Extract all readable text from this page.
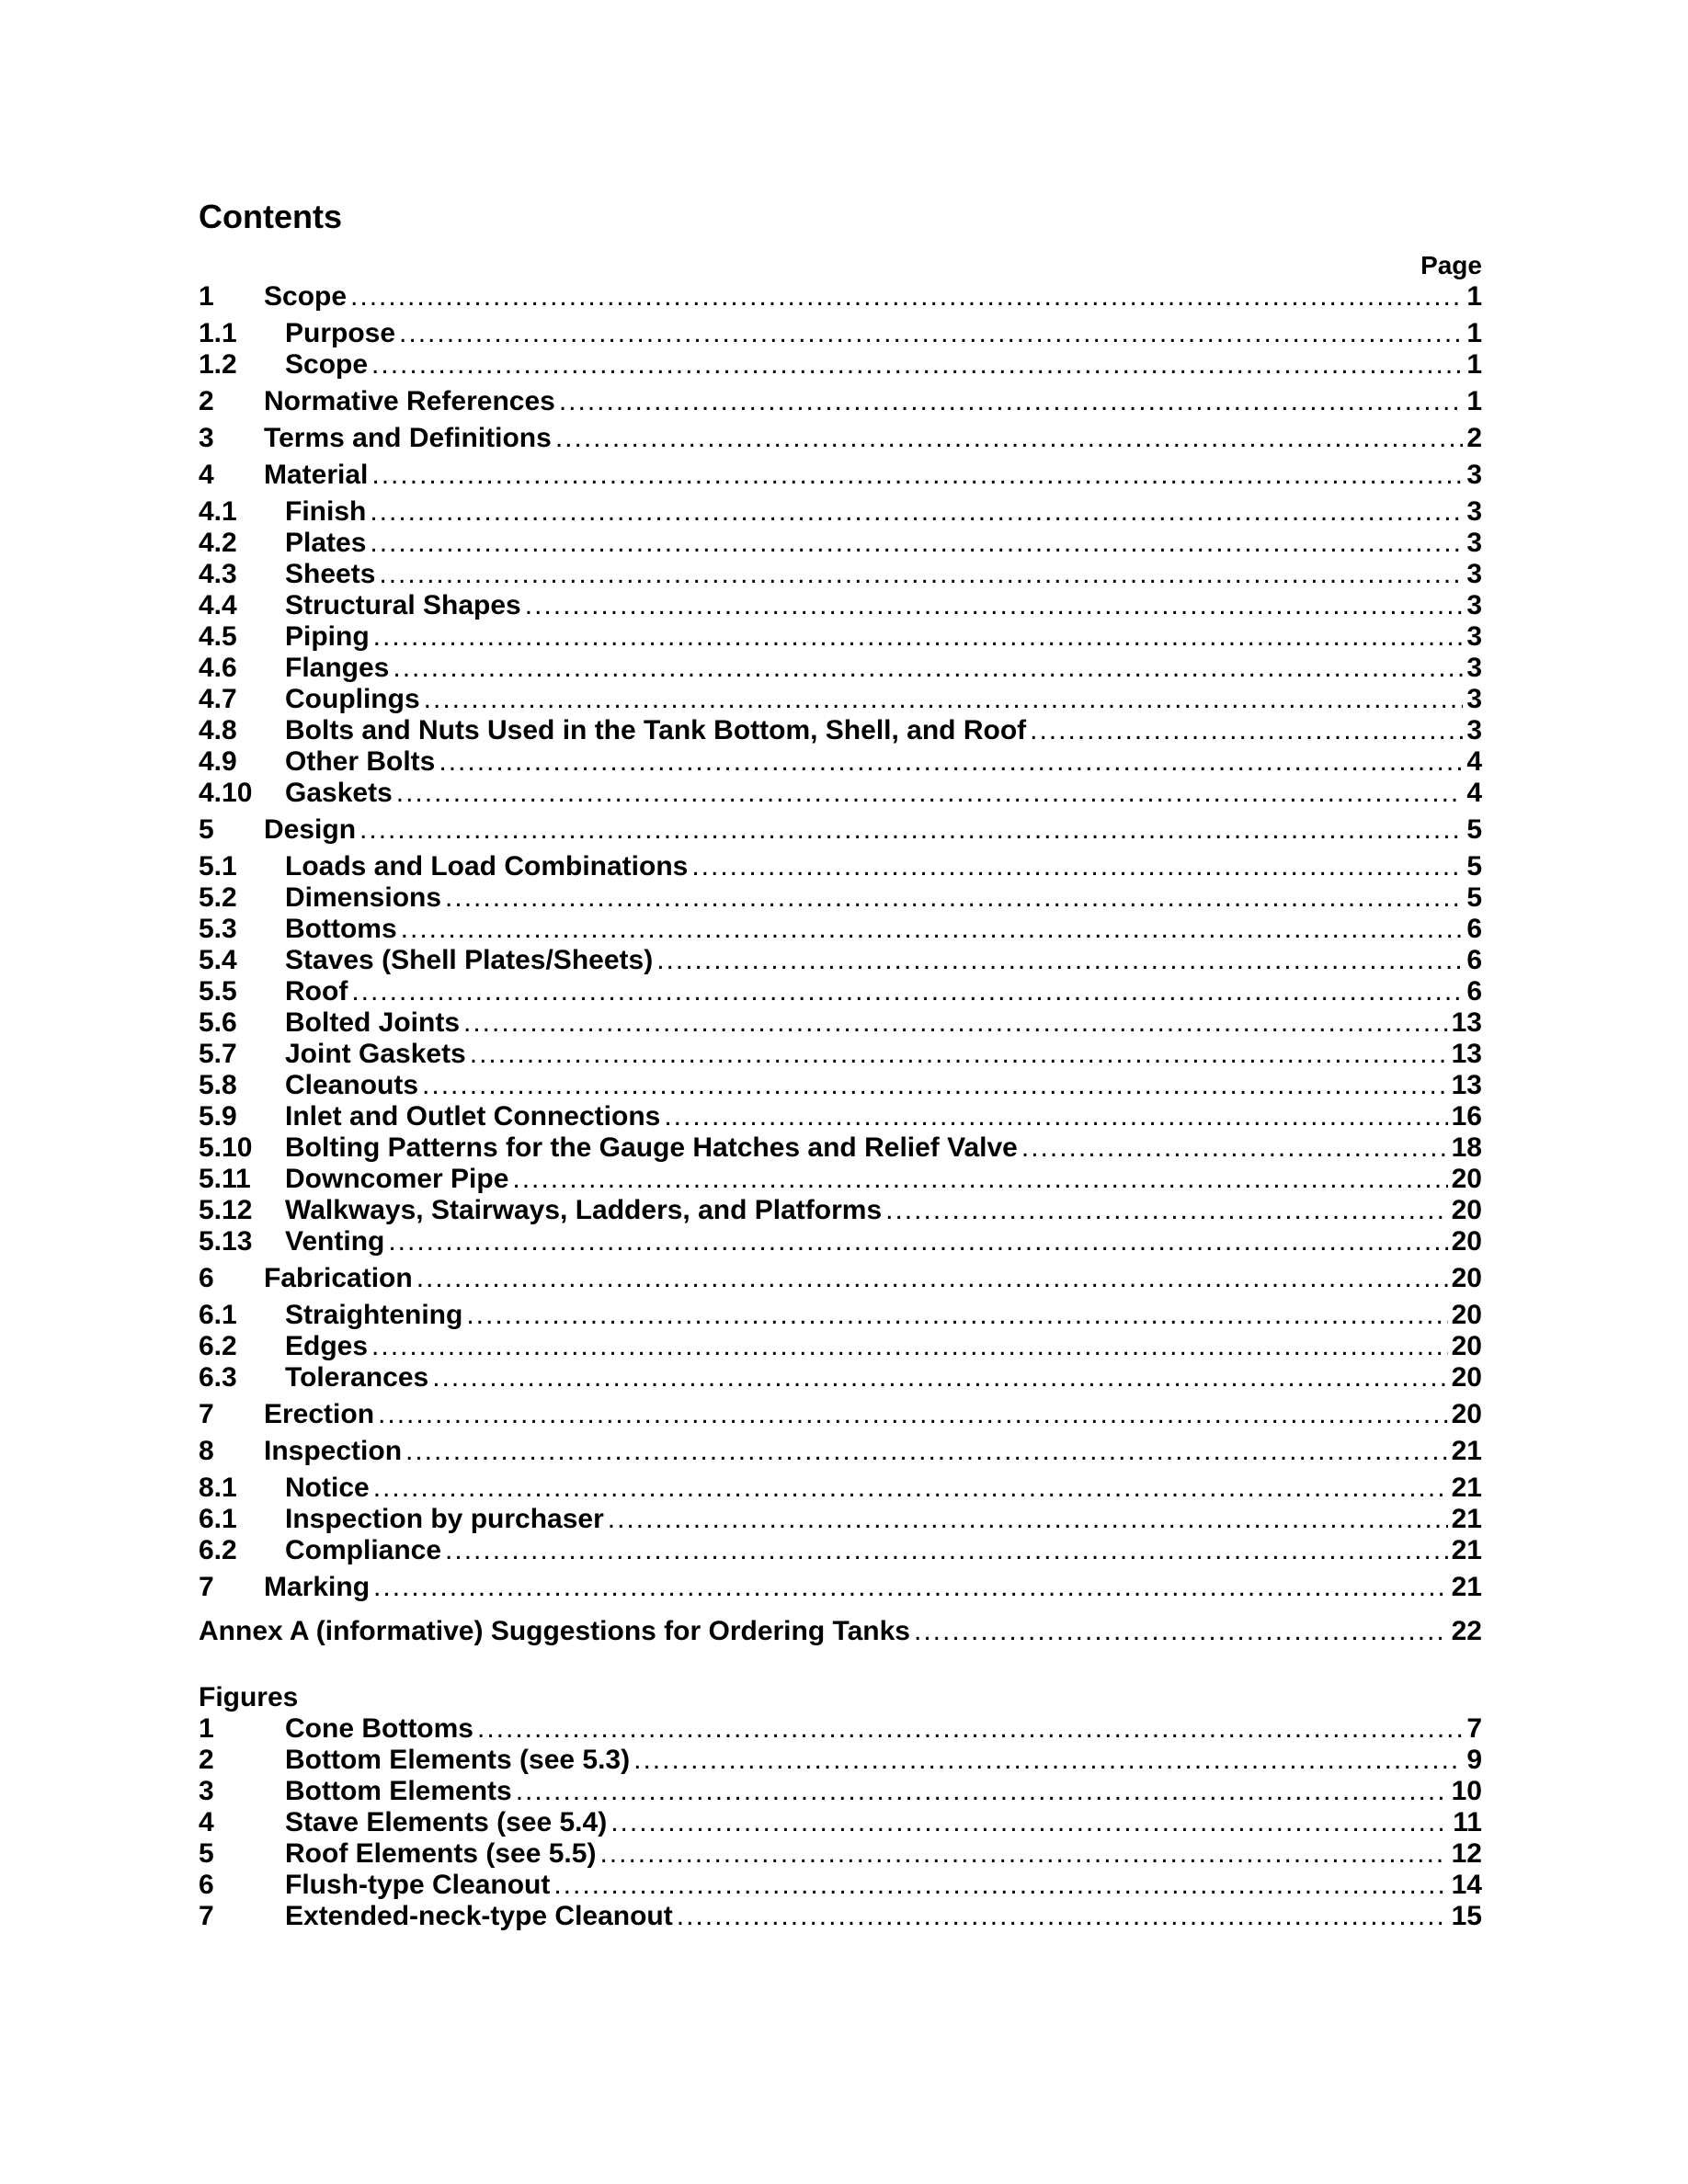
Contents
Page
1	Scope .....	1
1.1	Purpose .....	1
1.2	Scope .....	1
2	Normative References .....	1
3	Terms and Definitions .....	2
4	Material .....	3
4.1	Finish .....	3
4.2	Plates .....	3
4.3	Sheets .....	3
4.4	Structural Shapes .....	3
4.5	Piping .....	3
4.6	Flanges .....	3
4.7	Couplings .....	3
4.8	Bolts and Nuts Used in the Tank Bottom, Shell, and Roof .....	3
4.9	Other Bolts .....	4
4.10	Gaskets .....	4
5	Design .....	5
5.1	Loads and Load Combinations .....	5
5.2	Dimensions .....	5
5.3	Bottoms .....	6
5.4	Staves (Shell Plates/Sheets) .....	6
5.5	Roof .....	6
5.6	Bolted Joints .....	13
5.7	Joint Gaskets .....	13
5.8	Cleanouts .....	13
5.9	Inlet and Outlet Connections .....	16
5.10	Bolting Patterns for the Gauge Hatches and Relief Valve .....	18
5.11	Downcomer Pipe .....	20
5.12	Walkways, Stairways, Ladders, and Platforms .....	20
5.13	Venting .....	20
6	Fabrication .....	20
6.1	Straightening .....	20
6.2	Edges .....	20
6.3	Tolerances .....	20
7	Erection .....	20
8	Inspection .....	21
8.1	Notice .....	21
6.1	Inspection by purchaser .....	21
6.2	Compliance .....	21
7	Marking .....	21
Annex A (informative) Suggestions for Ordering Tanks .....	22
Figures
1	Cone Bottoms .....	7
2	Bottom Elements (see 5.3) .....	9
3	Bottom Elements .....	10
4	Stave Elements (see 5.4) .....	11
5	Roof Elements (see 5.5) .....	12
6	Flush-type Cleanout .....	14
7	Extended-neck-type Cleanout .....	15
